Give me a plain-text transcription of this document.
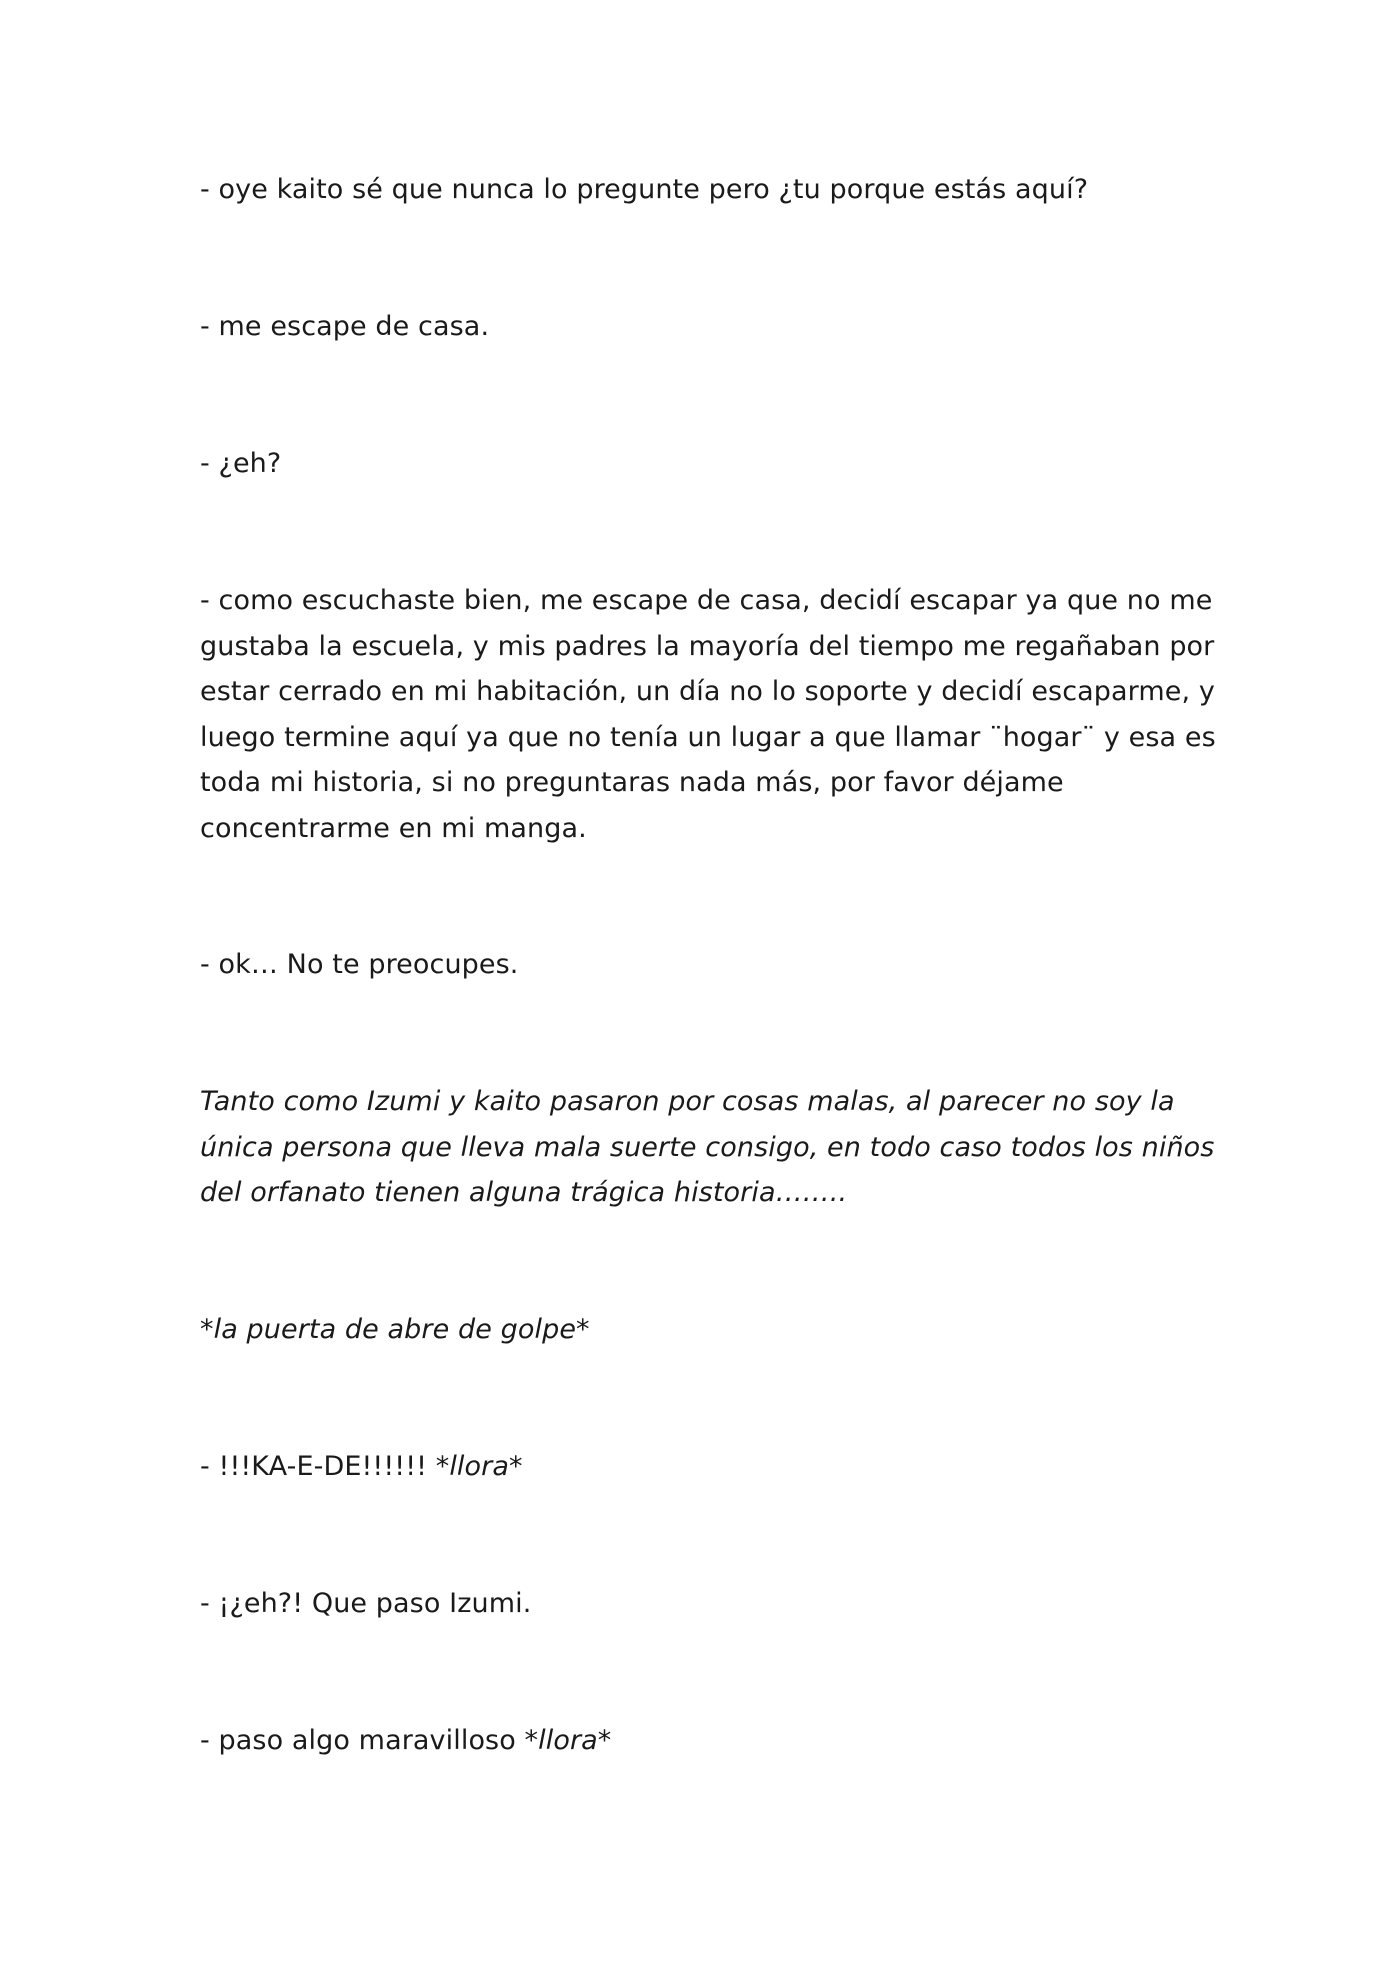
- oye kaito sé que nunca lo pregunte pero ¿tu porque estás aquí?

- me escape de casa.

- ¿eh?

- como escuchaste bien, me escape de casa, decidí escapar ya que no me gustaba la escuela, y mis padres la mayoría del tiempo me regañaban por estar cerrado en mi habitación, un día no lo soporte y decidí escaparme, y luego termine aquí ya que no tenía un lugar a que llamar ¨hogar¨ y esa es toda mi historia, si no preguntaras nada más, por favor déjame concentrarme en mi manga.

- ok… No te preocupes.

Tanto como Izumi y kaito pasaron por cosas malas, al parecer no soy la única persona que lleva mala suerte consigo, en todo caso todos los niños del orfanato tienen alguna trágica historia……..

*la puerta de abre de golpe*

- !!!KA-E-DE!!!!!! *llora*

- ¡¿eh?! Que paso Izumi.

- paso algo maravilloso *llora*
